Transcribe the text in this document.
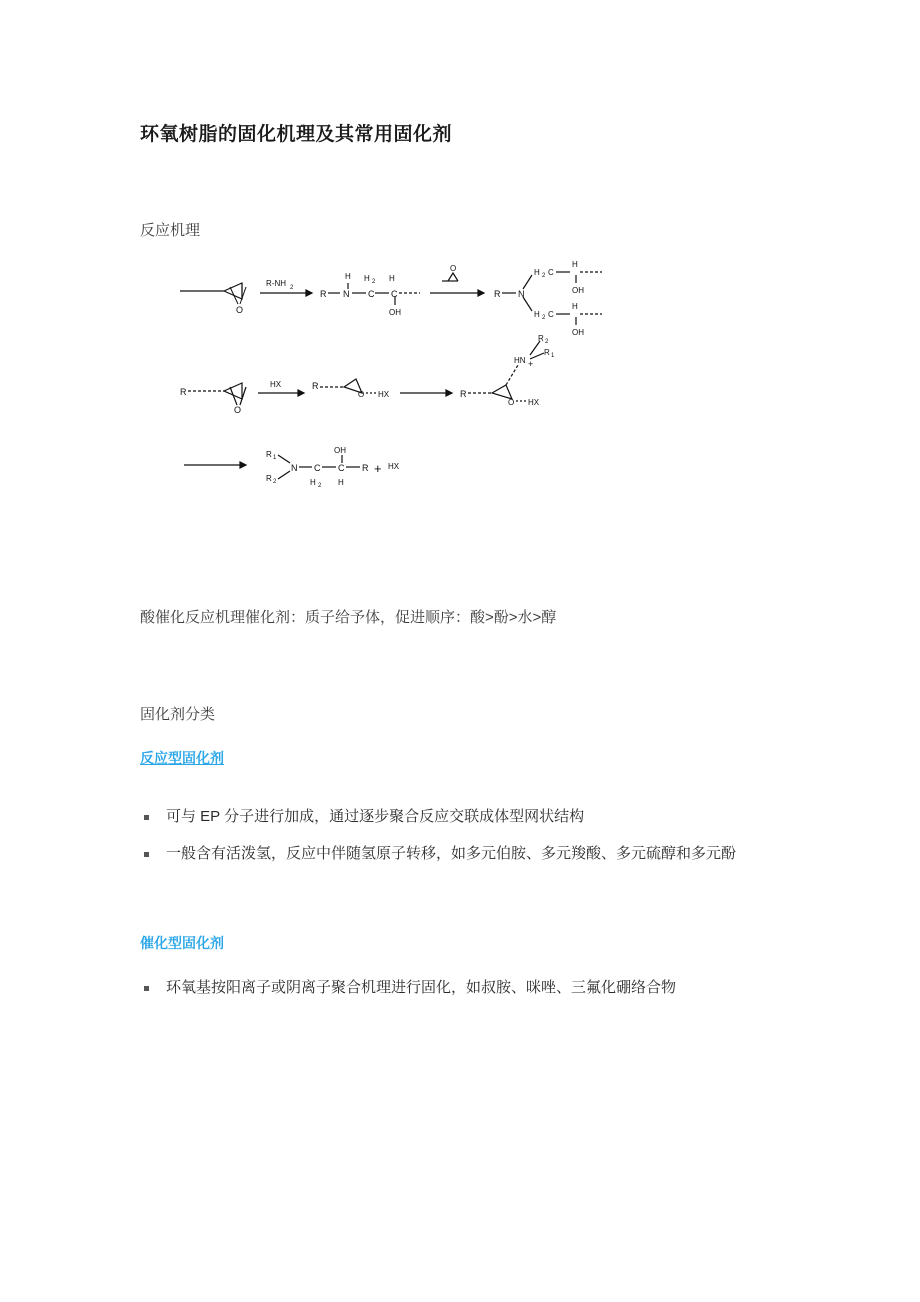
环氧树脂的固化机理及其常用固化剂
反应机理
O
R-NH 2
R N
H
C
H 2
C
H
OH
O
R N
H 2 C
H
OH
H 2 C
H
OH
R
O
HX	R
O HX	R
O HX
HN +
R 1
R 2
R 1
R 2
N C
H 2
C
OH
H
R + HX
酸催化反应机理催化剂：质子给予体，促进顺序：酸>酚>水>醇
固化剂分类
反应型固化剂
可与 EP 分子进行加成，通过逐步聚合反应交联成体型网状结构
一般含有活泼氢，反应中伴随氢原子转移，如多元伯胺、多元羧酸、多元硫醇和多元酚
催化型固化剂
环氧基按阳离子或阴离子聚合机理进行固化，如叔胺、咪唑、三氟化硼络合物
